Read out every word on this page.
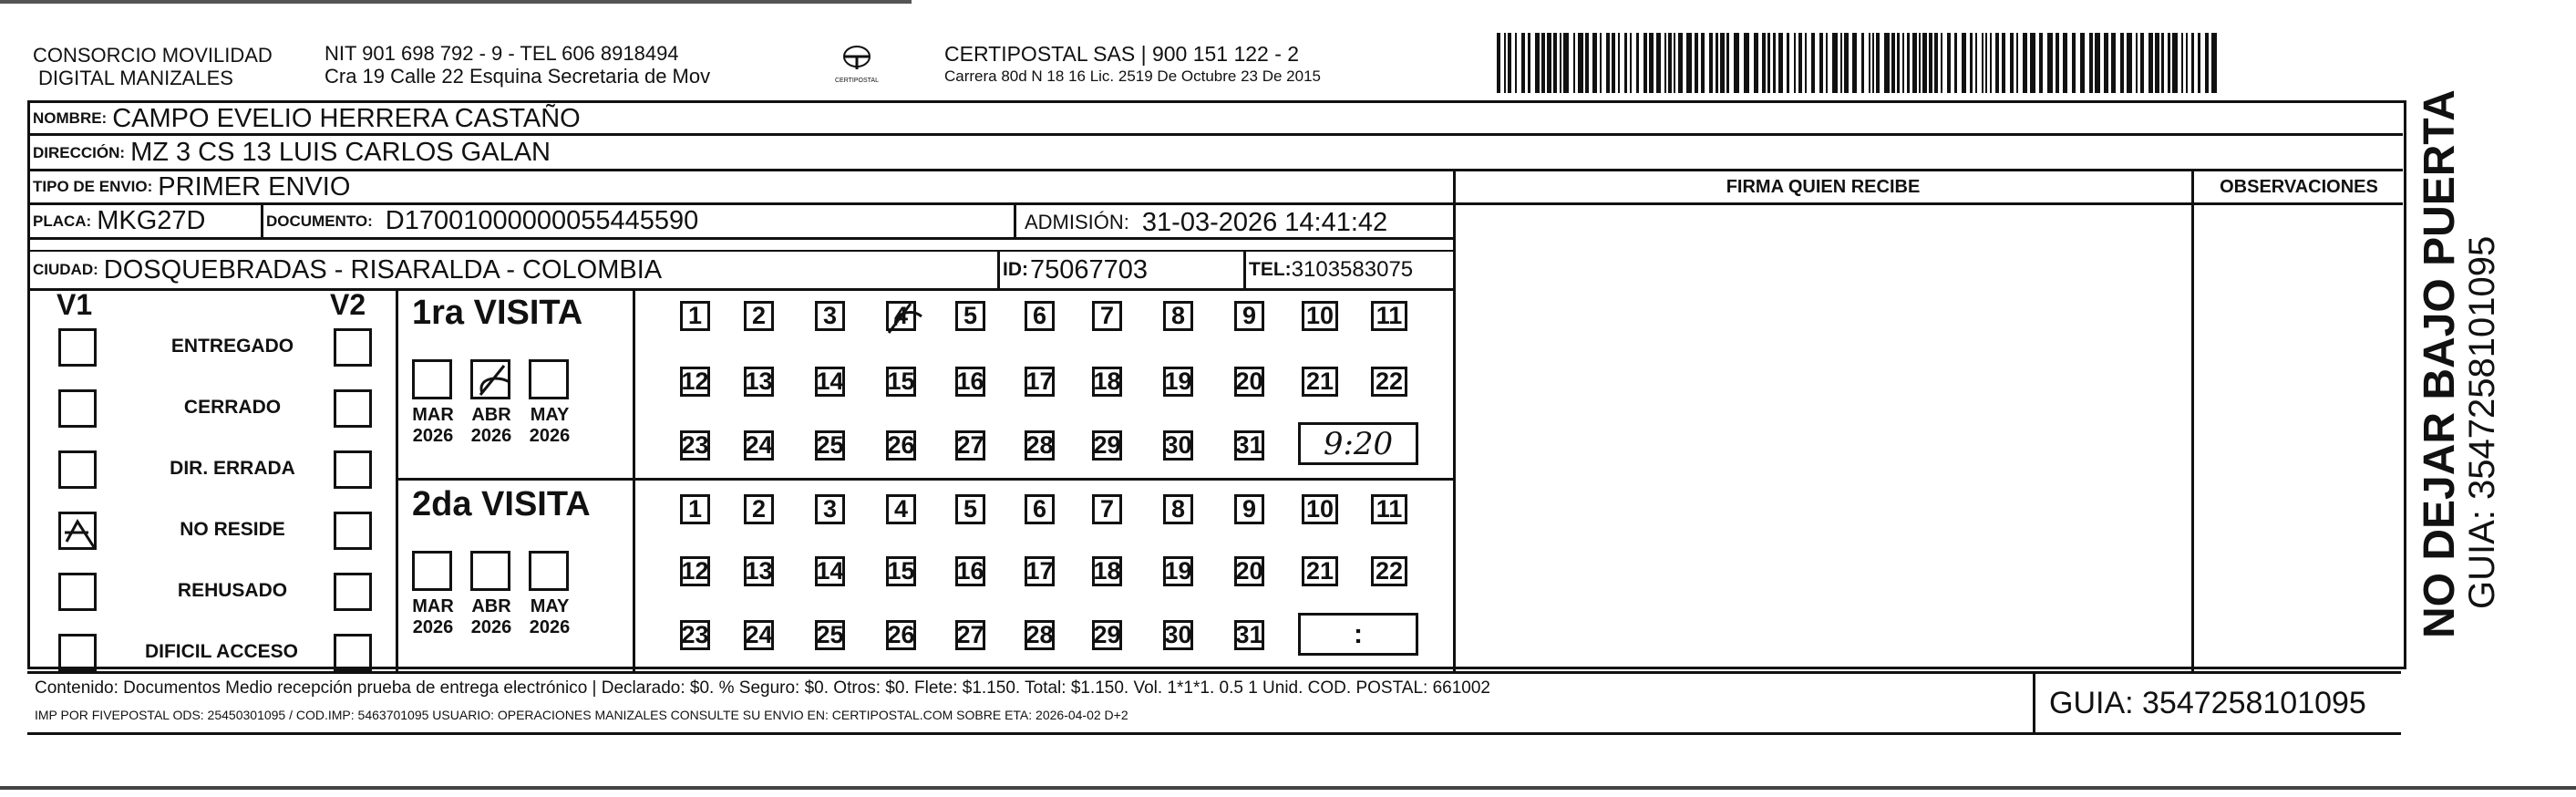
CONSORCIO MOVILIDAD
DIGITAL MANIZALES
NIT 901 698 792 - 9 - TEL 606 8918494
Cra 19 Calle 22 Esquina Secretaria de Mov	CERTIPOSTAL
CERTIPOSTAL SAS | 900 151 122 - 2
Carrera 80d N 18 16 Lic. 2519 De Octubre 23 De 2015
NOMBRE: CAMPO EVELIO HERRERA CASTAÑO
DIRECCIÓN: MZ 3 CS 13 LUIS CARLOS GALAN
TIPO DE ENVIO: PRIMER ENVIO	FIRMA QUIEN RECIBE	OBSERVACIONES
PLACA: MKG27D	DOCUMENTO: D17001000000055445590	ADMISIÓN: 31-03-2026 14:41:42
CIUDAD: DOSQUEBRADAS - RISARALDA - COLOMBIA	ID: 75067703	TEL: 3103583075
V1	V2
ENTREGADO
CERRADO
DIR. ERRADA
NO RESIDE
REHUSADO
DIFICIL ACCESO
1ra VISITA
2da VISITA
MAR
2026
ABR
2026
MAY
2026
MAR
2026
ABR
2026
MAY
2026
1	2	3	4	5	6	7	8	9	10 11
12 13 14 15 16 17 18 19 20 21 22
23 24 25 26 27 28 29 30 31
1	2	3	4	5	6	7	8	9	10 11
12 13 14 15 16 17 18 19 20 21 22
23 24 25 26 27 28 29 30 31
9:20
:
Contenido: Documentos Medio recepción prueba de entrega electrónico | Declarado: $0. % Seguro: $0. Otros: $0. Flete: $1.150. Total: $1.150. Vol. 1*1*1. 0.5 1 Unid. COD. POSTAL: 661002
IMP POR FIVEPOSTAL ODS: 25450301095 / COD.IMP: 5463701095 USUARIO: OPERACIONES MANIZALES CONSULTE SU ENVIO EN: CERTIPOSTAL.COM SOBRE ETA: 2026-04-02 D+2	GUIA: 3547258101095
NO DEJAR BAJO PUERTA
GUIA: 3547258101095
